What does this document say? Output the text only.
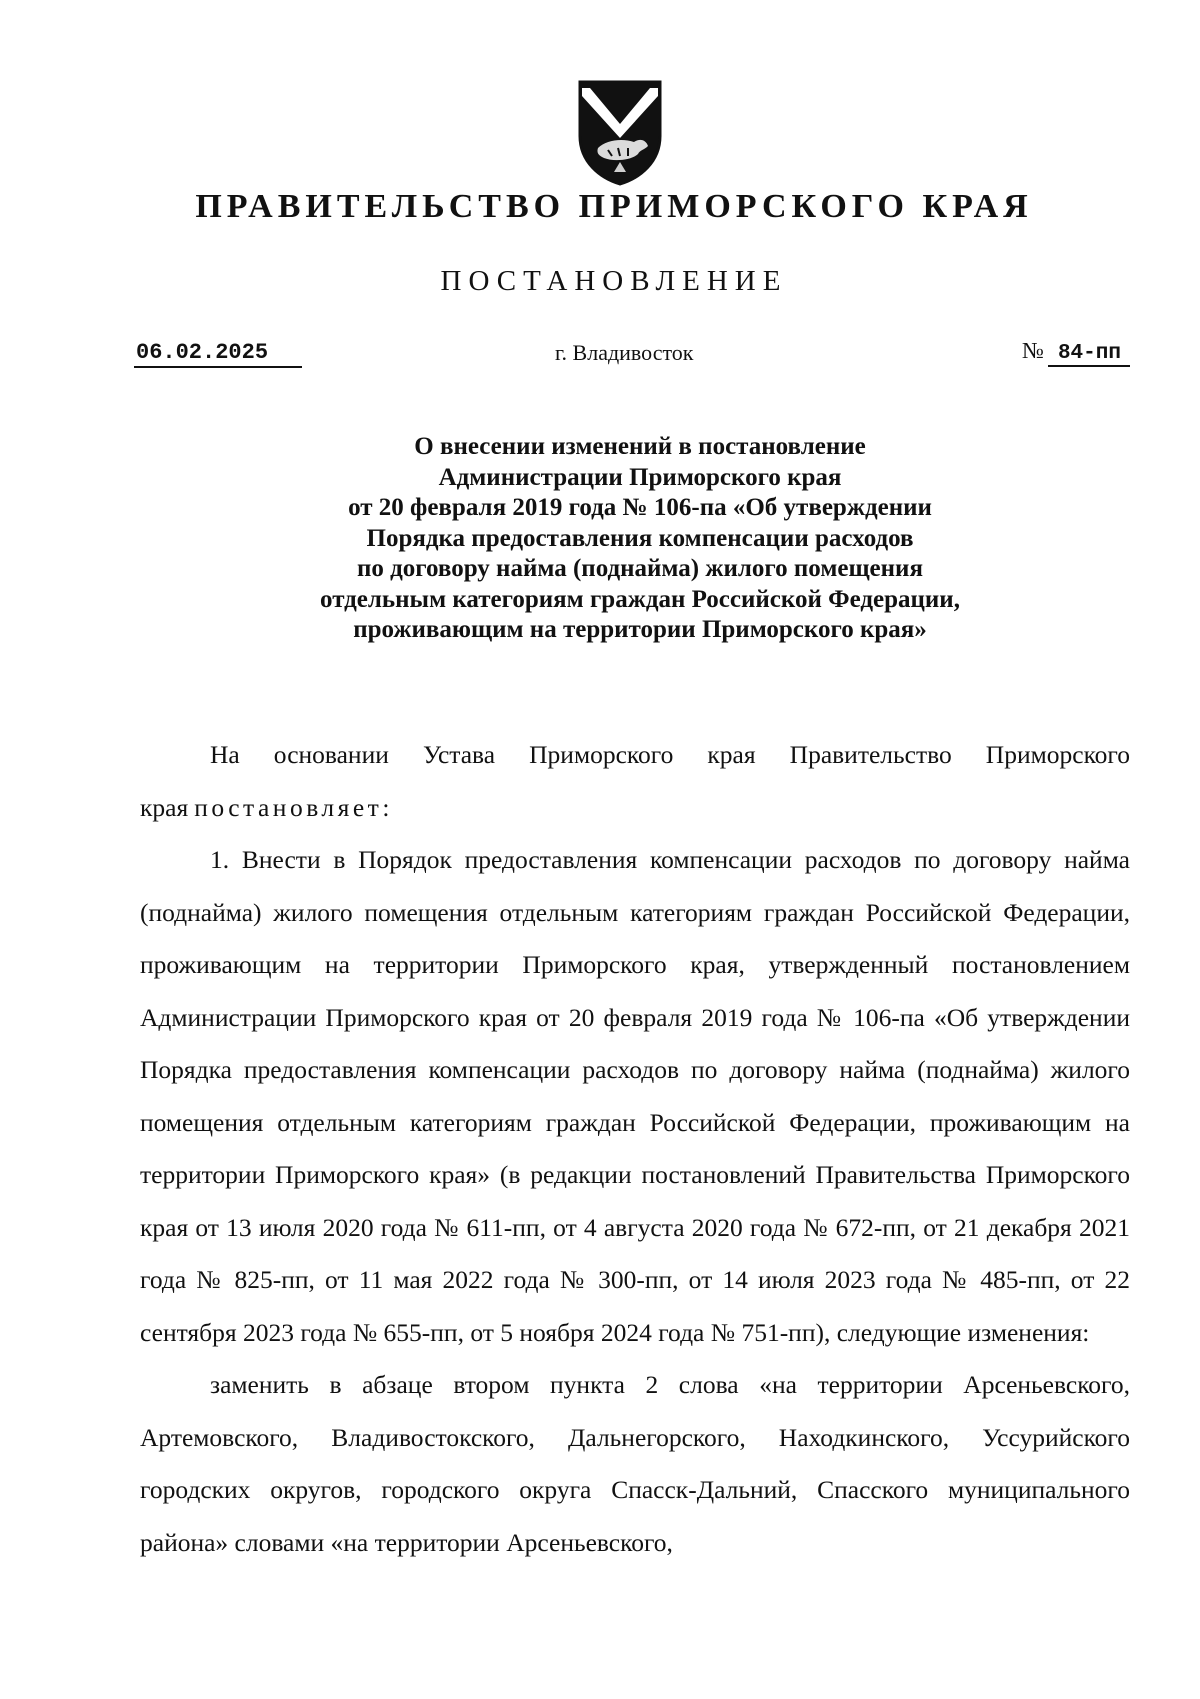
ПРАВИТЕЛЬСТВО ПРИМОРСКОГО КРАЯ
ПОСТАНОВЛЕНИЕ
06.02.2025	г. Владивосток	№ 84-пп
О внесении изменений в постановление
Администрации Приморского края
от 20 февраля 2019 года № 106-па «Об утверждении
Порядка предоставления компенсации расходов
по договору найма (поднайма) жилого помещения
отдельным категориям граждан Российской Федерации,
проживающим на территории Приморского края»

На основании Устава Приморского края Правительство Приморского края постановляет:

1. Внести в Порядок предоставления компенсации расходов по договору найма (поднайма) жилого помещения отдельным категориям граждан Российской Федерации, проживающим на территории Приморского края, утвержденный постановлением Администрации Приморского края от 20 февраля 2019 года № 106-па «Об утверждении Порядка предоставления компенсации расходов по договору найма (поднайма) жилого помещения отдельным категориям граждан Российской Федерации, проживающим на территории Приморского края» (в редакции постановлений Правительства Приморского края от 13 июля 2020 года № 611-пп, от 4 августа 2020 года № 672-пп, от 21 декабря 2021 года № 825-пп, от 11 мая 2022 года № 300-пп, от 14 июля 2023 года № 485-пп, от 22 сентября 2023 года № 655-пп, от 5 ноября 2024 года № 751-пп), следующие изменения:

заменить в абзаце втором пункта 2 слова «на территории Арсеньевского, Артемовского, Владивостокского, Дальнегорского, Находкинского, Уссурийского городских округов, городского округа Спасск-Дальний, Спасского муниципального района» словами «на территории Арсеньевского,
